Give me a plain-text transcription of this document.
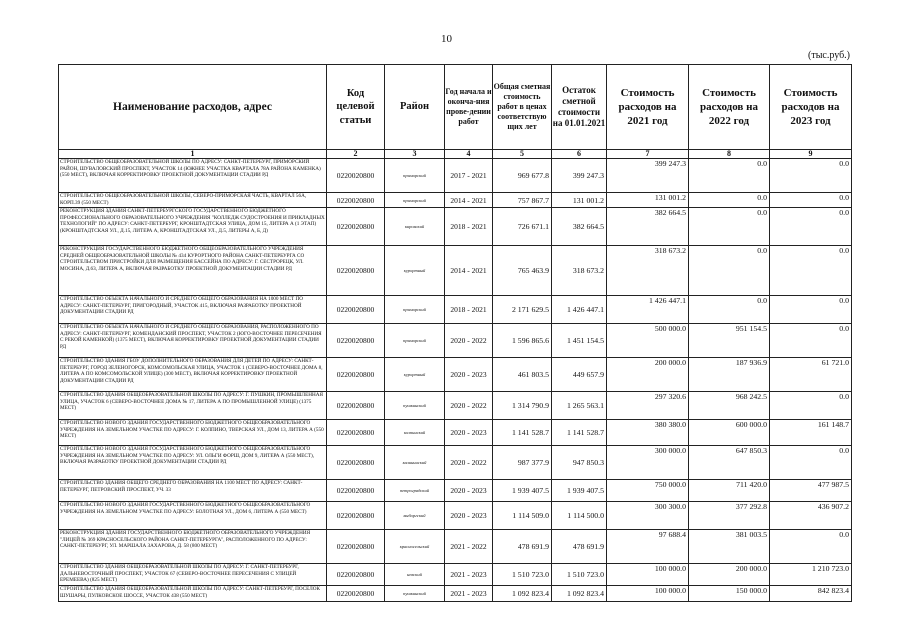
10
(тыс.руб.)
Наименование расходов, адрес	Код целевой статьи	Район	Год начала и оконча-ния прове-дении работ	Общая сметная стоимость работ в ценах соответствую щих лет	Остаток сметной стоимости на 01.01.2021	Стоимость расходов на 2021 год	Стоимость расходов на 2022 год	Стоимость расходов на 2023 год
1	2	3	4	5	6	7	8	9
СТРОИТЕЛЬСТВО ОБЩЕОБРАЗОВАТЕЛЬНОЙ ШКОЛЫ ПО АДРЕСУ: САНКТ-ПЕТЕРБУРГ, ПРИМОРСКИЙ РАЙОН, ШУВАЛОВСКИЙ ПРОСПЕКТ, УЧАСТОК 14 (ЮЖНЕЕ УЧАСТКА КВАРТАЛА 78А РАЙОНА КАМЕНКА) (550 МЕСТ), ВКЛЮЧАЯ КОРРЕКТИРОВКУ ПРОЕКТНОЙ ДОКУМЕНТАЦИИ СТАДИИ РД	0220020800	приморский	2017 - 2021	969 677.8	399 247.3	399 247.3	0.0	0.0
СТРОИТЕЛЬСТВО ОБЩЕОБРАЗОВАТЕЛЬНОЙ ШКОЛЫ, СЕВЕРО-ПРИМОРСКАЯ ЧАСТЬ, КВАРТАЛ 56А, КОРП.39 (550 МЕСТ)	0220020800	приморский	2014 - 2021	757 867.7	131 001.2	131 001.2	0.0	0.0
РЕКОНСТРУКЦИЯ ЗДАНИЯ САНКТ-ПЕТЕРБУРГСКОГО ГОСУДАРСТВЕННОГО БЮДЖЕТНОГО ПРОФЕССИОНАЛЬНОГО ОБРАЗОВАТЕЛЬНОГО УЧРЕЖДЕНИЯ "КОЛЛЕДЖ СУДОСТРОЕНИЯ И ПРИКЛАДНЫХ ТЕХНОЛОГИЙ" ПО АДРЕСУ: САНКТ-ПЕТЕРБУРГ, КРОНШТАДТСКАЯ УЛИЦА, ДОМ 15, ЛИТЕРА А (1 ЭТАП) (КРОНШТАДТСКАЯ УЛ., Д.15, ЛИТЕРА А, КРОНШТАДТСКАЯ УЛ., Д.5, ЛИТЕРЫ А, Б, Д)	0220020800	кировский	2018 - 2021	726 671.1	382 664.5	382 664.5	0.0	0.0
РЕКОНСТРУКЦИЯ ГОСУДАРСТВЕННОГО БЮДЖЕТНОГО ОБЩЕОБРАЗОВАТЕЛЬНОГО УЧРЕЖДЕНИЯ СРЕДНЕЙ ОБЩЕОБРАЗОВАТЕЛЬНОЙ ШКОЛЫ № 434 КУРОРТНОГО РАЙОНА САНКТ-ПЕТЕРБУРГА СО СТРОИТЕЛЬСТВОМ ПРИСТРОЙКИ ДЛЯ РАЗМЕЩЕНИЯ БАССЕЙНА ПО АДРЕСУ: Г. СЕСТРОРЕЦК, УЛ. МОСИНА, Д.63, ЛИТЕРА А, ВКЛЮЧАЯ РАЗРАБОТКУ ПРОЕКТНОЙ ДОКУМЕНТАЦИИ СТАДИИ РД	0220020800	курортный	2014 - 2021	765 463.9	318 673.2	318 673.2	0.0	0.0
СТРОИТЕЛЬСТВО ОБЪЕКТА НАЧАЛЬНОГО И СРЕДНЕГО ОБЩЕГО ОБРАЗОВАНИЯ НА 1000 МЕСТ ПО АДРЕСУ: САНКТ-ПЕТЕРБУРГ, ПРИГОРОДНЫЙ, УЧАСТОК 415, ВКЛЮЧАЯ РАЗРАБОТКУ ПРОЕКТНОЙ ДОКУМЕНТАЦИИ СТАДИИ РД	0220020800	приморский	2018 - 2021	2 171 629.5	1 426 447.1	1 426 447.1	0.0	0.0
СТРОИТЕЛЬСТВО ОБЪЕКТА НАЧАЛЬНОГО И СРЕДНЕГО ОБЩЕГО ОБРАЗОВАНИЯ, РАСПОЛОЖЕННОГО ПО АДРЕСУ: САНКТ-ПЕТЕРБУРГ, КОМЕНДАНСКИЙ ПРОСПЕКТ, УЧАСТОК 2 (ЮГО-ВОСТОЧНЕЕ ПЕРЕСЕЧЕНИЯ С РЕКОЙ КАМЕНКОЙ) (1375 МЕСТ), ВКЛЮЧАЯ КОРРЕКТИРОВКУ ПРОЕКТНОЙ ДОКУМЕНТАЦИИ СТАДИИ РД	0220020800	приморский	2020 - 2022	1 596 865.6	1 451 154.5	500 000.0	951 154.5	0.0
СТРОИТЕЛЬСТВО ЗДАНИЯ ГБОУ ДОПОЛНИТЕЛЬНОГО ОБРАЗОВАНИЯ ДЛЯ ДЕТЕЙ ПО АДРЕСУ: САНКТ-ПЕТЕРБУРГ, ГОРОД ЗЕЛЕНОГОРСК, КОМСОМОЛЬСКАЯ УЛИЦА, УЧАСТОК 1 (СЕВЕРО-ВОСТОЧНЕЕ ДОМА 8, ЛИТЕРА А ПО КОМСОМОЛЬСКОЙ УЛИЦЕ) (300 МЕСТ), ВКЛЮЧАЯ КОРРЕКТИРОВКУ ПРОЕКТНОЙ ДОКУМЕНТАЦИИ СТАДИИ РД	0220020800	курортный	2020 - 2023	461 803.5	449 657.9	200 000.0	187 936.9	61 721.0
СТРОИТЕЛЬСТВО ЗДАНИЯ ОБЩЕОБРАЗОВАТЕЛЬНОЙ ШКОЛЫ ПО АДРЕСУ: Г. ПУШКИН, ПРОМЫШЛЕННАЯ УЛИЦА, УЧАСТОК 6 (СЕВЕРО-ВОСТОЧНЕЕ ДОМА № 17, ЛИТЕРА А ПО ПРОМЫШЛЕННОЙ УЛИЦЕ) (1375 МЕСТ)	0220020800	пушкинский	2020 - 2022	1 314 790.9	1 265 563.1	297 320.6	968 242.5	0.0
СТРОИТЕЛЬСТВО НОВОГО ЗДАНИЯ ГОСУДАРСТВЕННОГО БЮДЖЕТНОГО ОБЩЕОБРАЗОВАТЕЛЬНОГО УЧРЕЖДЕНИЯ НА ЗЕМЕЛЬНОМ УЧАСТКЕ ПО АДРЕСУ: Г. КОЛПИНО, ТВЕРСКАЯ УЛ., ДОМ 13, ЛИТЕРА А (550 МЕСТ)	0220020800	колпинский	2020 - 2023	1 141 528.7	1 141 528.7	380 380.0	600 000.0	161 148.7
СТРОИТЕЛЬСТВО НОВОГО ЗДАНИЯ ГОСУДАРСТВЕННОГО БЮДЖЕТНОГО ОБЩЕОБРАЗОВАТЕЛЬНОГО УЧРЕЖДЕНИЯ НА ЗЕМЕЛЬНОМ УЧАСТКЕ ПО АДРЕСУ: УЛ. ОЛЬГИ ФОРШ, ДОМ 9, ЛИТЕРА А (550 МЕСТ), ВКЛЮЧАЯ РАЗРАБОТКУ ПРОЕКТНОЙ ДОКУМЕНТАЦИИ СТАДИИ РД	0220020800	калининский	2020 - 2022	987 377.9	947 850.3	300 000.0	647 850.3	0.0
СТРОИТЕЛЬСТВО ЗДАНИЯ ОБЩЕГО СРЕДНЕГО ОБРАЗОВАНИЯ НА 1100 МЕСТ ПО АДРЕСУ: САНКТ-ПЕТЕРБУРГ, ПЕТРОВСКИЙ ПРОСПЕКТ, УЧ. 33	0220020800	петроградский	2020 - 2023	1 939 407.5	1 939 407.5	750 000.0	711 420.0	477 987.5
СТРОИТЕЛЬСТВО НОВОГО ЗДАНИЯ ГОСУДАРСТВЕННОГО БЮДЖЕТНОГО ОБЩЕОБРАЗОВАТЕЛЬНОГО УЧРЕЖДЕНИЯ НА ЗЕМЕЛЬНОМ УЧАСТКЕ ПО АДРЕСУ: БОЛОТНАЯ УЛ., ДОМ 6, ЛИТЕРА А (550 МЕСТ)	0220020800	выборгский	2020 - 2023	1 114 509.0	1 114 500.0	300 300.0	377 292.8	436 907.2
РЕКОНСТРУКЦИЯ ЗДАНИЯ ГОСУДАРСТВЕННОГО БЮДЖЕТНОГО ОБРАЗОВАТЕЛЬНОГО УЧРЕЖДЕНИЯ "ЛИЦЕЙ № 369 КРАСНОСЕЛЬСКОГО РАЙОНА САНКТ-ПЕТЕРБУРГА", РАСПОЛОЖЕННОГО ПО АДРЕСУ: САНКТ-ПЕТЕРБУРГ, УЛ. МАРШАЛА ЗАХАРОВА, Д. 58 (800 МЕСТ)	0220020800	красносельский	2021 - 2022	478 691.9	478 691.9	97 688.4	381 003.5	0.0
СТРОИТЕЛЬСТВО ЗДАНИЯ ОБЩЕОБРАЗОВАТЕЛЬНОЙ ШКОЛЫ ПО АДРЕСУ: Г. САНКТ-ПЕТЕРБУРГ, ДАЛЬНЕВОСТОЧНЫЙ ПРОСПЕКТ, УЧАСТОК 67 (СЕВЕРО-ВОСТОЧНЕЕ ПЕРЕСЕЧЕНИЯ С УЛИЦЕЙ ЕРЕМЕЕВА) (825 МЕСТ)	0220020800	невский	2021 - 2023	1 510 723.0	1 510 723.0	100 000.0	200 000.0	1 210 723.0
СТРОИТЕЛЬСТВО ЗДАНИЯ ОБЩЕОБРАЗОВАТЕЛЬНОЙ ШКОЛЫ ПО АДРЕСУ: САНКТ-ПЕТЕРБУРГ, ПОСЕЛОК ШУШАРЫ, ПУЛКОВСКОЕ ШОССЕ, УЧАСТОК 438 (550 МЕСТ)	0220020800	пушкинский	2021 - 2023	1 092 823.4	1 092 823.4	100 000.0	150 000.0	842 823.4
